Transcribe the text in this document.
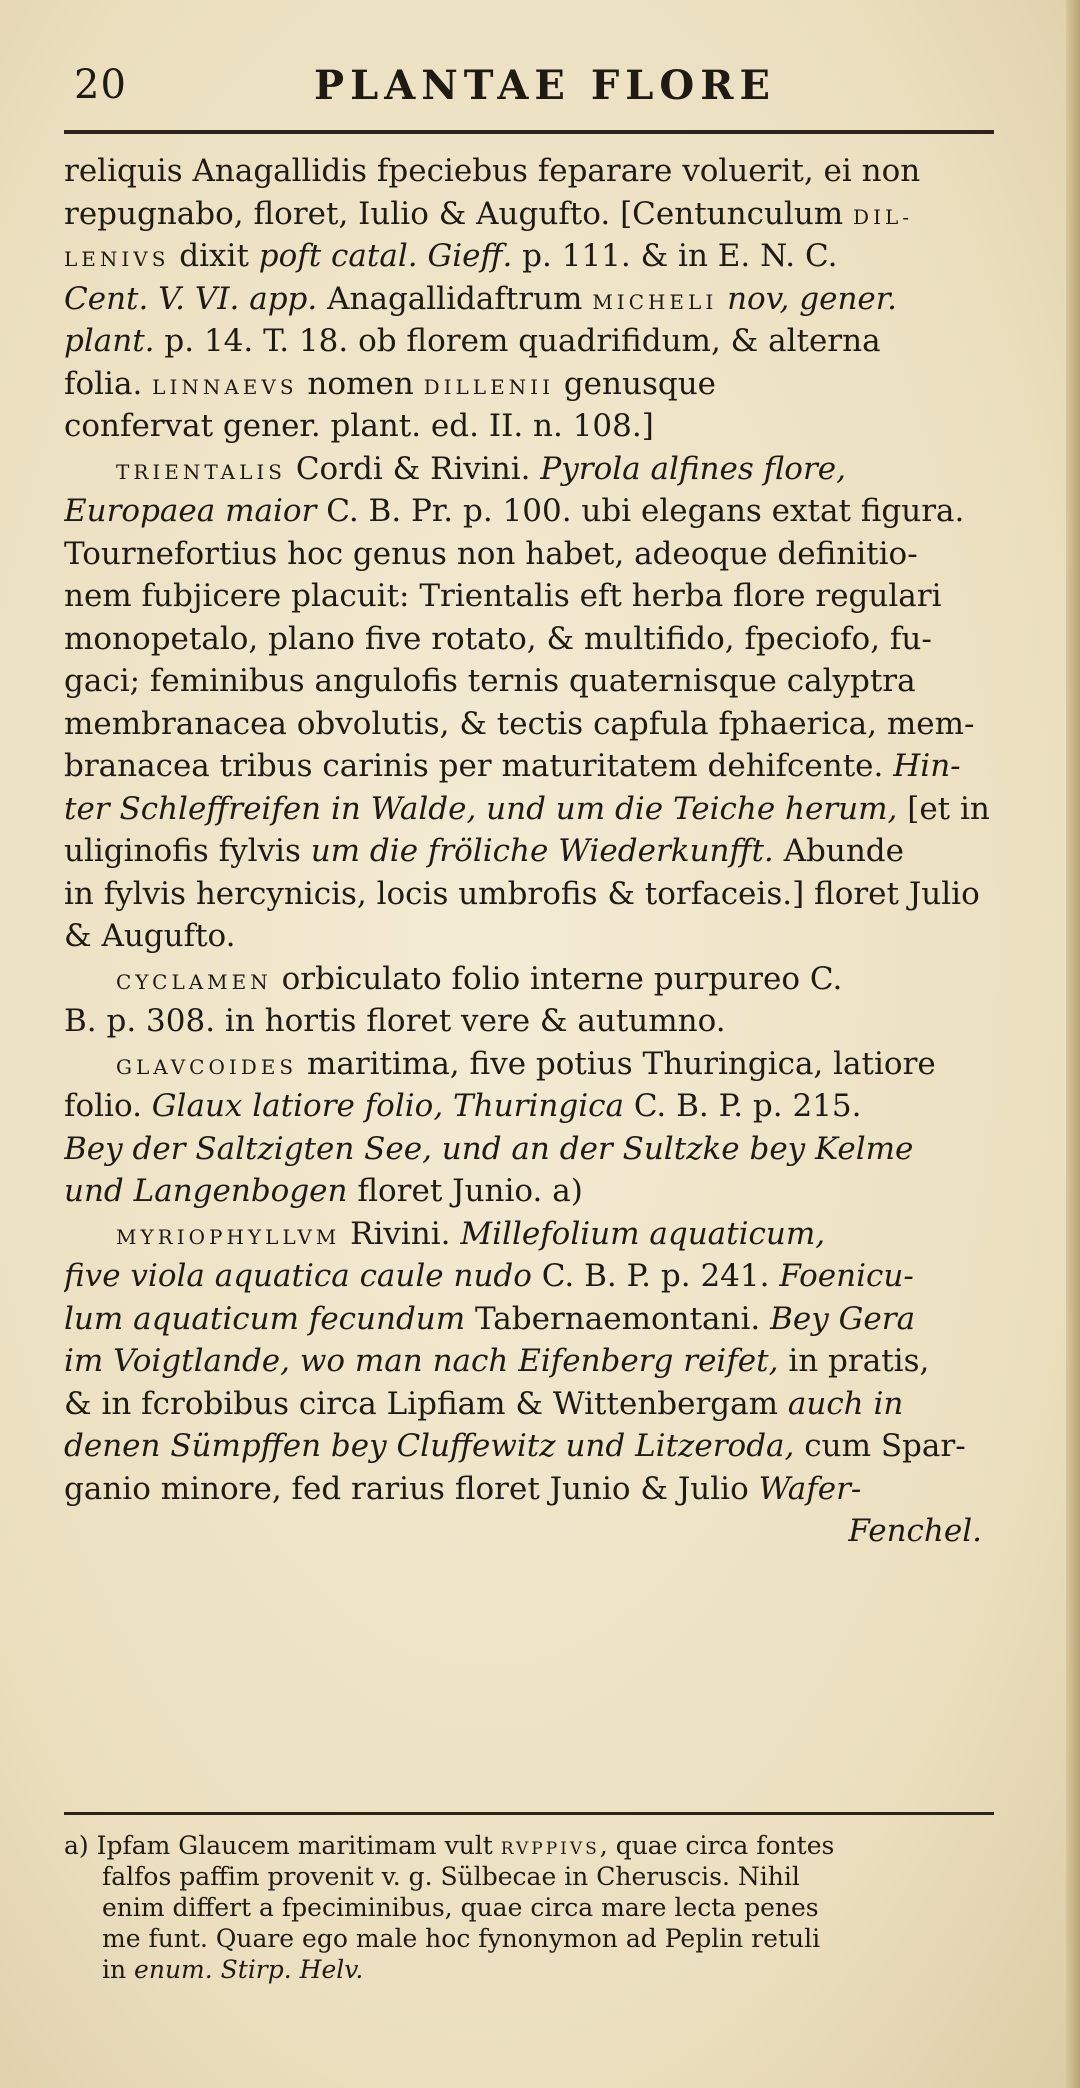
20	PLANTAE FLORE
reliquis Anagallidis fpeciebus feparare voluerit, ei non
repugnabo, floret, Iulio & Augufto. [Centunculum DIL-
LENIVS dixit poft catal. Gieff. p. 111. & in E. N. C.
Cent. V. VI. app. Anagallidaftrum MICHELI nov, gener.
plant. p. 14. T. 18. ob florem quadrifidum, & alterna
folia. LINNAEVS nomen DILLENII genusque
confervat gener. plant. ed. II. n. 108.]
TRIENTALIS Cordi & Rivini. Pyrola alfines flore,
Europaea maior C. B. Pr. p. 100. ubi elegans extat figura.
Tournefortius hoc genus non habet, adeoque definitio-
nem fubjicere placuit: Trientalis eft herba flore regulari
monopetalo, plano five rotato, & multifido, fpeciofo, fu-
gaci; feminibus angulofis ternis quaternisque calyptra
membranacea obvolutis, & tectis capfula fphaerica, mem-
branacea tribus carinis per maturitatem dehifcente. Hin-
ter Schleffreifen in Walde, und um die Teiche herum, [et in
uliginofis fylvis um die fröliche Wiederkunfft. Abunde
in fylvis hercynicis, locis umbrofis & torfaceis.] floret Julio
& Augufto.
CYCLAMEN orbiculato folio interne purpureo C.
B. p. 308. in hortis floret vere & autumno.
GLAVCOIDES maritima, five potius Thuringica, latiore
folio. Glaux latiore folio, Thuringica C. B. P. p. 215.
Bey der Saltzigten See, und an der Sultzke bey Kelme
und Langenbogen floret Junio. a)
MYRIOPHYLLVM Rivini. Millefolium aquaticum,
five viola aquatica caule nudo C. B. P. p. 241. Foenicu-
lum aquaticum fecundum Tabernaemontani. Bey Gera
im Voigtlande, wo man nach Eifenberg reifet, in pratis,
& in fcrobibus circa Lipfiam & Wittenbergam auch in
denen Sümpffen bey Cluffewitz und Litzeroda, cum Spar-
ganio minore, fed rarius floret Junio & Julio Wafer-
Fenchel.
a) Ipfam Glaucem maritimam vult RVPPIVS, quae circa fontes
falfos paffim provenit v. g. Sülbecae in Cheruscis. Nihil
enim differt a fpeciminibus, quae circa mare lecta penes
me funt. Quare ego male hoc fynonymon ad Peplin retuli
in enum. Stirp. Helv.
